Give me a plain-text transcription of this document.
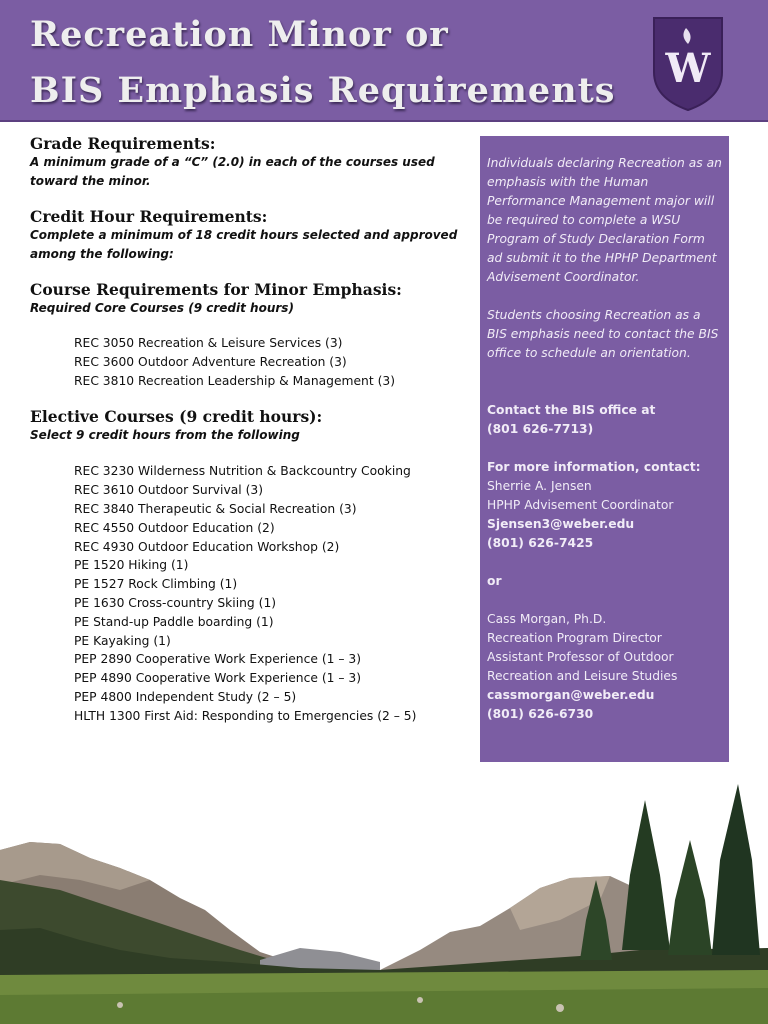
Recreation Minor or
BIS Emphasis Requirements W
Grade Requirements:

A minimum grade of a “C” (2.0) in each of the courses used toward the minor.

Credit Hour Requirements:

Complete a minimum of 18 credit hours selected and approved among the following:

Course Requirements for Minor Emphasis:

Required Core Courses (9 credit hours)

REC 3050 Recreation & Leisure Services (3)
REC 3600 Outdoor Adventure Recreation (3)
REC 3810 Recreation Leadership & Management (3)
Elective Courses (9 credit hours):

Select 9 credit hours from the following

REC 3230 Wilderness Nutrition & Backcountry Cooking
REC 3610 Outdoor Survival (3)
REC 3840 Therapeutic & Social Recreation (3)
REC 4550 Outdoor Education (2)
REC 4930 Outdoor Education Workshop (2)
PE 1520 Hiking (1)
PE 1527 Rock Climbing (1)
PE 1630 Cross-country Skiing (1)
PE Stand-up Paddle boarding (1)
PE Kayaking (1)
PEP 2890 Cooperative Work Experience (1 – 3)
PEP 4890 Cooperative Work Experience (1 – 3)
PEP 4800 Independent Study (2 – 5)
HLTH 1300 First Aid: Responding to Emergencies (2 – 5)

Individuals declaring Recreation as an emphasis with the Human Performance Management major will be required to complete a WSU Program of Study Declaration Form ad submit it to the HPHP Department Advisement Coordinator.

Students choosing Recreation as a BIS emphasis need to contact the BIS office to schedule an orientation.

Contact the BIS office at

(801 626-7713)

For more information, contact:

Sherrie A. Jensen

HPHP Advisement Coordinator

Sjensen3@weber.edu

(801) 626-7425

or

Cass Morgan, Ph.D.

Recreation Program Director

Assistant Professor of Outdoor

Recreation and Leisure Studies

cassmorgan@weber.edu

(801) 626-6730
